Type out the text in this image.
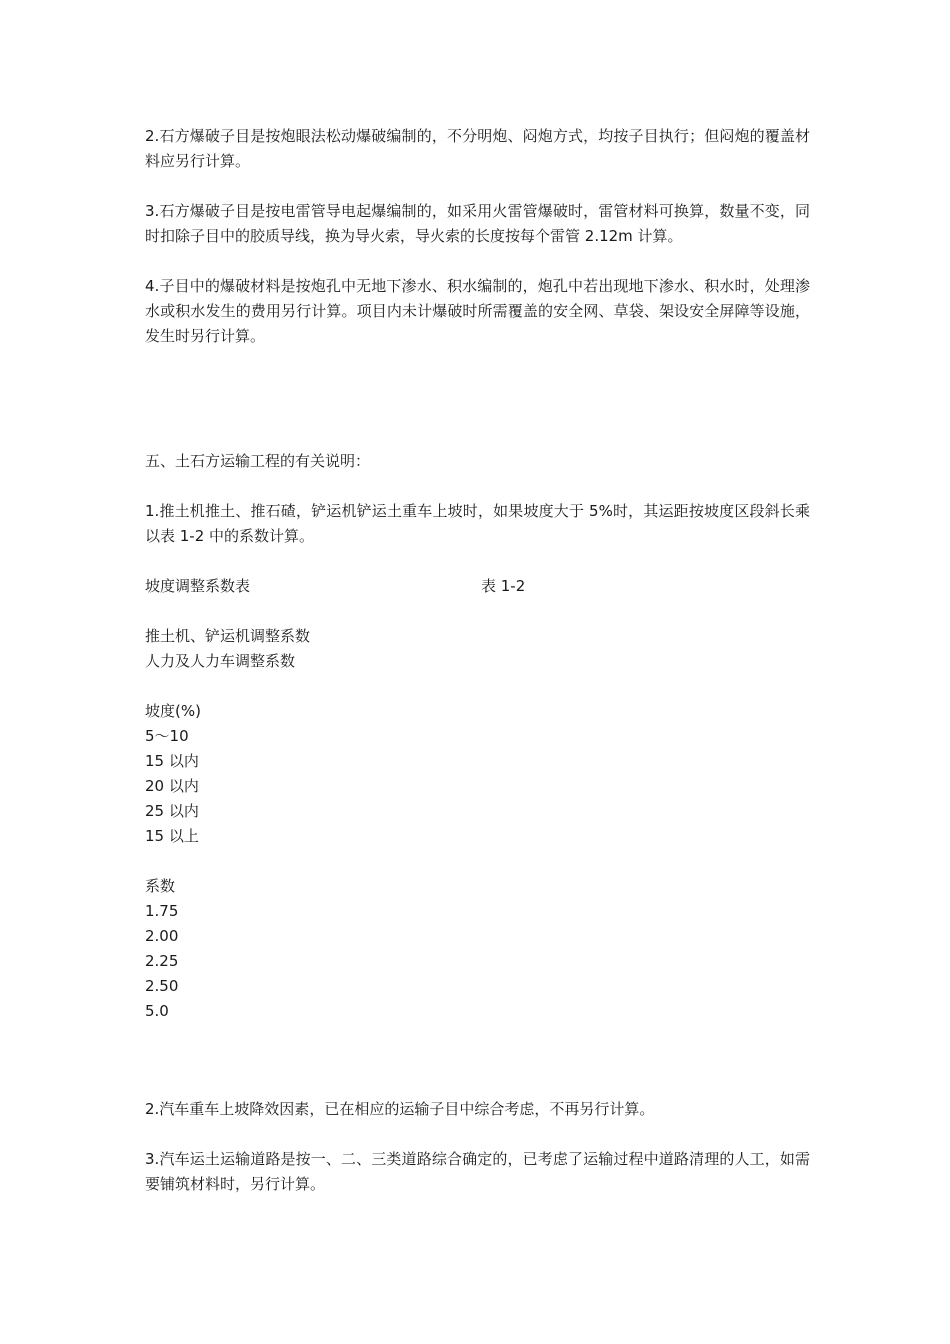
2.石方爆破子目是按炮眼法松动爆破编制的，不分明炮、闷炮方式，均按子目执行；但闷炮的覆盖材料应另行计算。

3.石方爆破子目是按电雷管导电起爆编制的，如采用火雷管爆破时，雷管材料可换算，数量不变，同时扣除子目中的胶质导线，换为导火索，导火索的长度按每个雷管 2.12m 计算。

4.子目中的爆破材料是按炮孔中无地下渗水、积水编制的，炮孔中若出现地下渗水、积水时，处理渗水或积水发生的费用另行计算。项目内未计爆破时所需覆盖的安全网、草袋、架设安全屏障等设施，发生时另行计算。

五、土石方运输工程的有关说明：

1.推土机推土、推石碴，铲运机铲运土重车上坡时，如果坡度大于 5%时，其运距按坡度区段斜长乘以表 1-2 中的系数计算。

坡度调整系数表	表 1-2

推土机、铲运机调整系数

人力及人力车调整系数

坡度(%)

5～10

15 以内

20 以内

25 以内

15 以上

系数

1.75

2.00

2.25

2.50

5.0

2.汽车重车上坡降效因素，已在相应的运输子目中综合考虑，不再另行计算。

3.汽车运土运输道路是按一、二、三类道路综合确定的，已考虑了运输过程中道路清理的人工，如需要铺筑材料时，另行计算。
